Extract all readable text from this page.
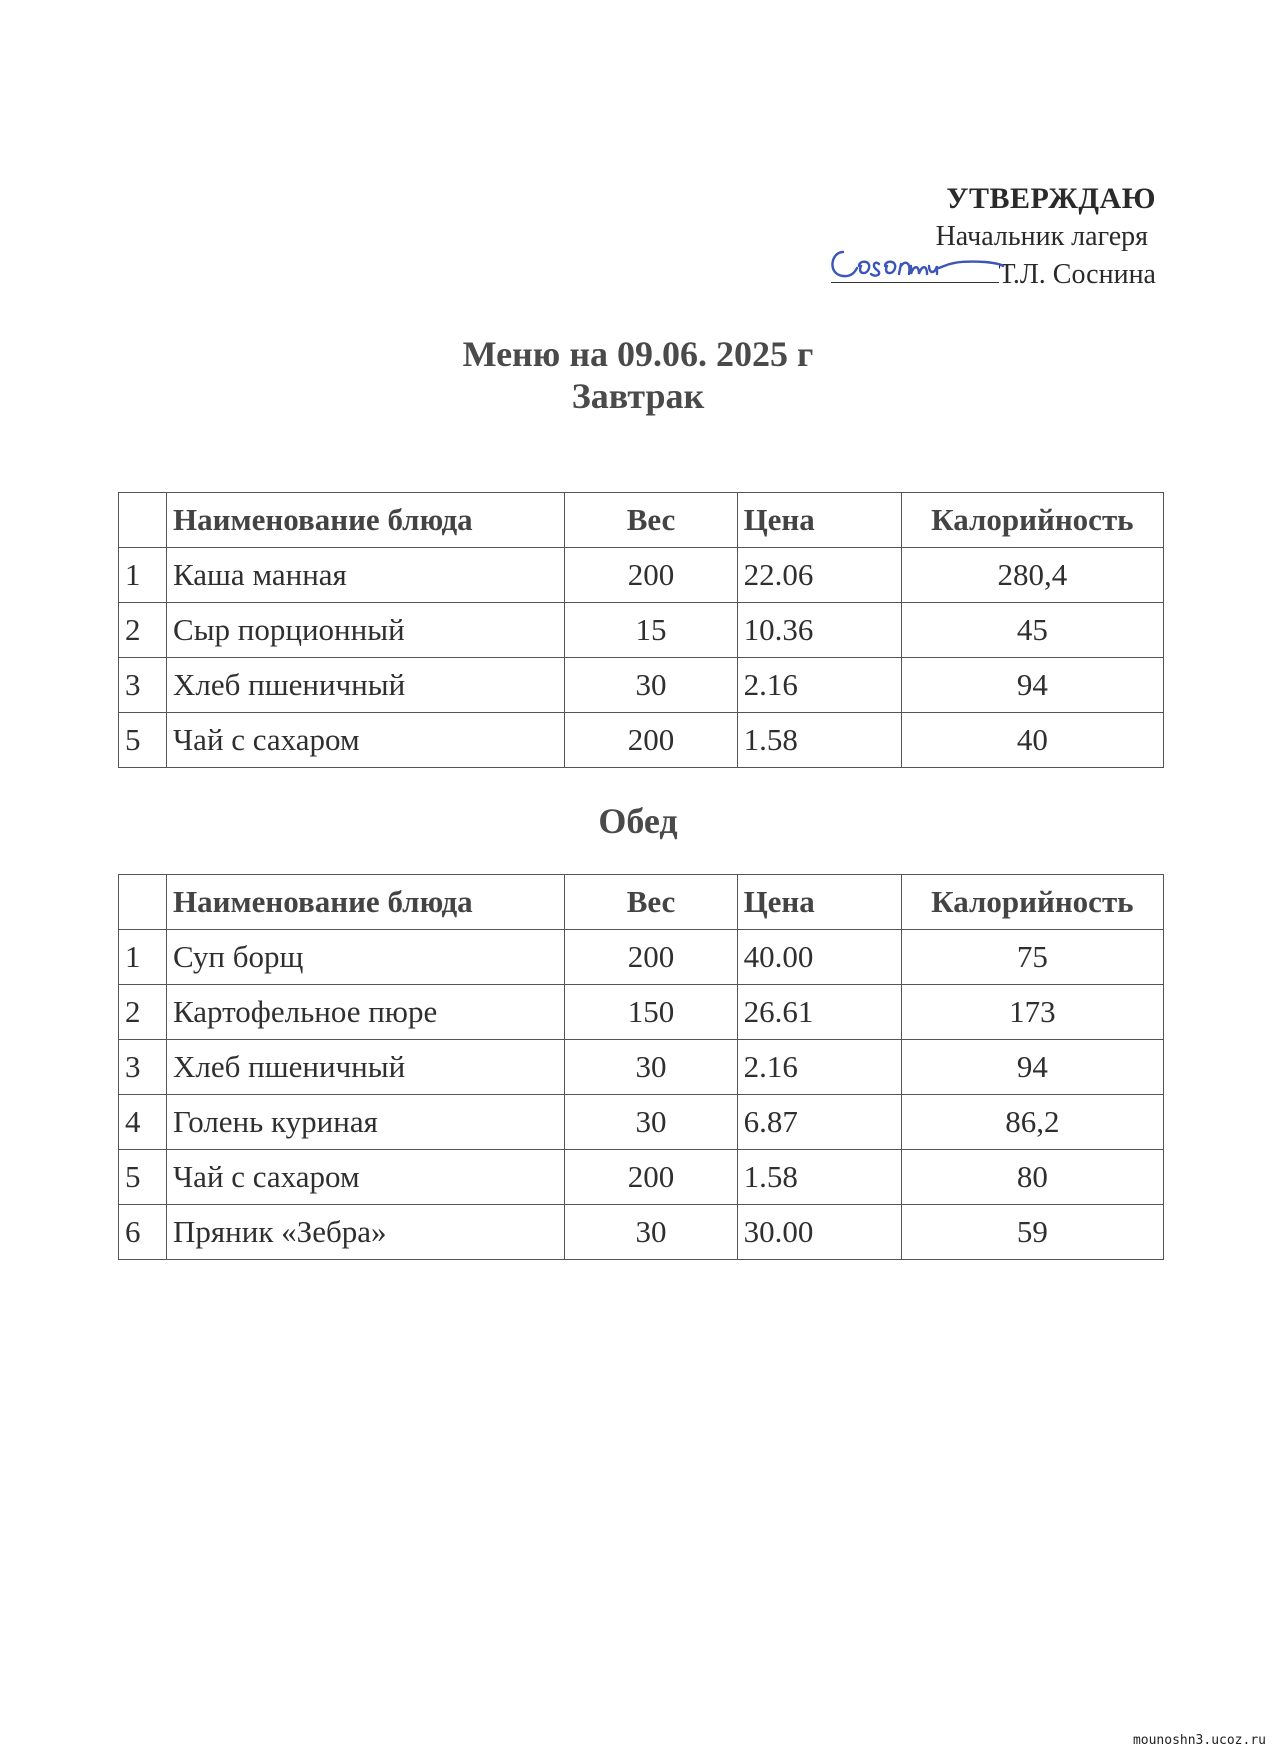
УТВЕРЖДАЮ
Начальник лагеря
Т.Л. Соснина
Меню на 09.06. 2025 г
Завтрак
	Наименование блюда	Вес	Цена	Калорийность
1	Каша манная	200	22.06	280,4
2	Сыр порционный	15	10.36	45
3	Хлеб пшеничный	30	2.16	94
5	Чай с сахаром	200	1.58	40
Обед
	Наименование блюда	Вес	Цена	Калорийность
1	Суп борщ	200	40.00	75
2	Картофельное пюре	150	26.61	173
3	Хлеб пшеничный	30	2.16	94
4	Голень куриная	30	6.87	86,2
5	Чай с сахаром	200	1.58	80
6	Пряник «Зебра»	30	30.00	59
mounoshn3.ucoz.ru
